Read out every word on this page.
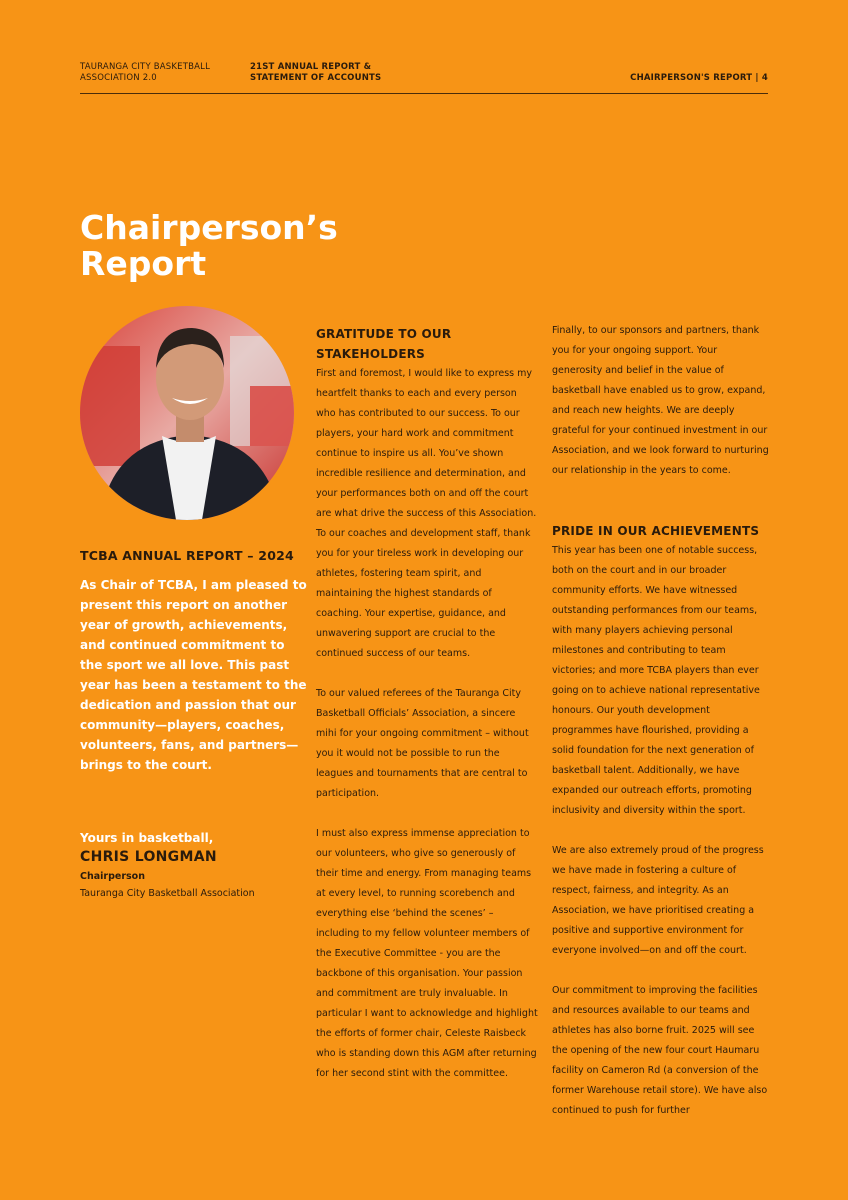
TAURANGA CITY BASKETBALL ASSOCIATION 2.0
21ST ANNUAL REPORT & STATEMENT OF ACCOUNTS	CHAIRPERSON'S REPORT | 4
Chairperson’s Report
TCBA ANNUAL REPORT – 2024

As Chair of TCBA, I am pleased to present this report on another year of growth, achievements, and continued commitment to the sport we all love. This past year has been a testament to the dedication and passion that our community—players, coaches, volunteers, fans, and partners—brings to the court.

Yours in basketball,

CHRIS LONGMAN

Chairperson

Tauranga City Basketball Association

GRATITUDE TO OUR STAKEHOLDERS

First and foremost, I would like to express my heartfelt thanks to each and every person who has contributed to our success. To our players, your hard work and commitment continue to inspire us all. You’ve shown incredible resilience and determination, and your performances both on and off the court are what drive the success of this Association. To our coaches and development staff, thank you for your tireless work in developing our athletes, fostering team spirit, and maintaining the highest standards of coaching. Your expertise, guidance, and unwavering support are crucial to the continued success of our teams.

To our valued referees of the Tauranga City Basketball Officials’ Association, a sincere mihi for your ongoing commitment – without you it would not be possible to run the leagues and tournaments that are central to participation.

I must also express immense appreciation to our volunteers, who give so generously of their time and energy. From managing teams at every level, to running scorebench and everything else ‘behind the scenes’ – including to my fellow volunteer members of the Executive Committee - you are the backbone of this organisation. Your passion and commitment are truly invaluable. In particular I want to acknowledge and highlight the efforts of former chair, Celeste Raisbeck who is standing down this AGM after returning for her second stint with the committee.

Finally, to our sponsors and partners, thank you for your ongoing support. Your generosity and belief in the value of basketball have enabled us to grow, expand, and reach new heights. We are deeply grateful for your continued investment in our Association, and we look forward to nurturing our relationship in the years to come.

PRIDE IN OUR ACHIEVEMENTS

This year has been one of notable success, both on the court and in our broader community efforts. We have witnessed outstanding performances from our teams, with many players achieving personal milestones and contributing to team victories; and more TCBA players than ever going on to achieve national representative honours. Our youth development programmes have flourished, providing a solid foundation for the next generation of basketball talent. Additionally, we have expanded our outreach efforts, promoting inclusivity and diversity within the sport.

We are also extremely proud of the progress we have made in fostering a culture of respect, fairness, and integrity. As an Association, we have prioritised creating a positive and supportive environment for everyone involved—on and off the court.

Our commitment to improving the facilities and resources available to our teams and athletes has also borne fruit. 2025 will see the opening of the new four court Haumaru facility on Cameron Rd (a conversion of the former Warehouse retail store). We have also continued to push for further
